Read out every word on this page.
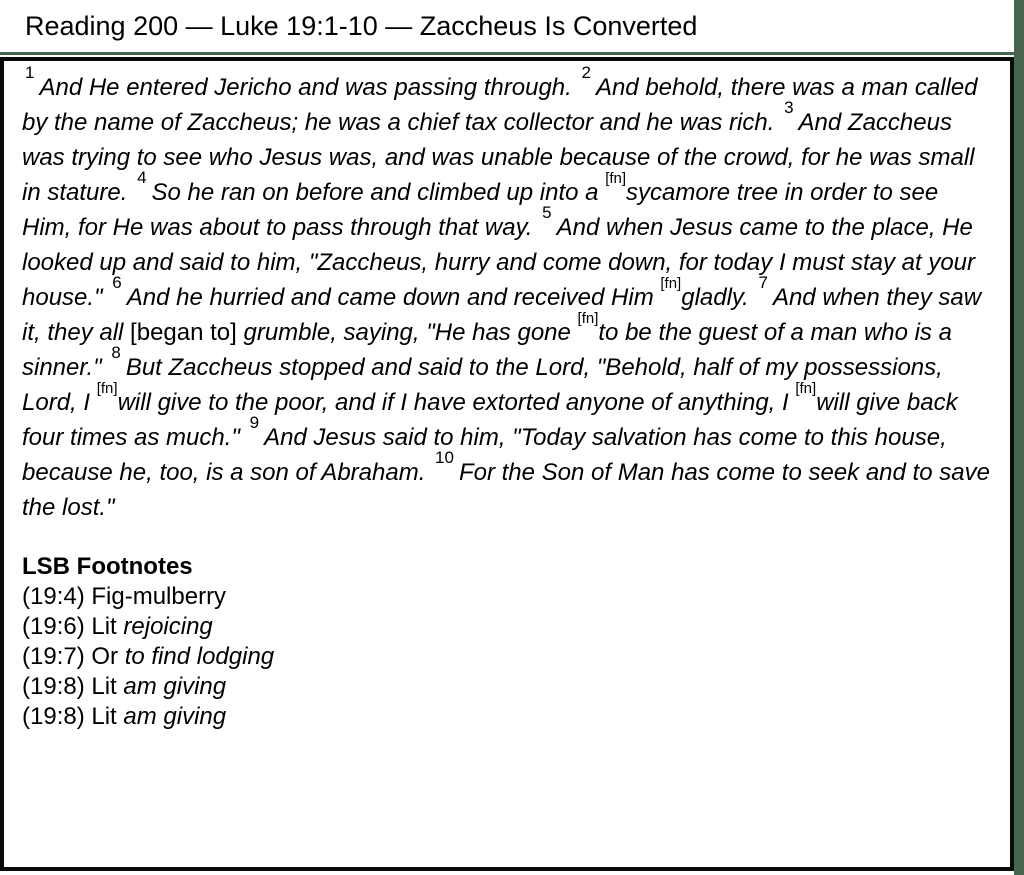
Reading 200 — Luke 19:1-10 — Zaccheus Is Converted
$^1$And He entered Jericho and was passing through. $^2$And behold, there was a man called by the name of Zaccheus; he was a chief tax collector and he was rich. $^3$And Zaccheus was trying to see who Jesus was, and was unable because of the crowd, for he was small in stature. $^4$So he ran on before and climbed up into a [fn]sycamore tree in order to see Him, for He was about to pass through that way. $^5$And when Jesus came to the place, He looked up and said to him, "Zaccheus, hurry and come down, for today I must stay at your house." $^6$And he hurried and came down and received Him [fn]gladly. $^7$And when they saw it, they all [began to] grumble, saying, "He has gone [fn]to be the guest of a man who is a sinner." $^8$But Zaccheus stopped and said to the Lord, "Behold, half of my possessions, Lord, I [fn]will give to the poor, and if I have extorted anyone of anything, I [fn]will give back four times as much." $^9$And Jesus said to him, "Today salvation has come to this house, because he, too, is a son of Abraham. $^{10}$For the Son of Man has come to seek and to save the lost."
LSB Footnotes
(19:4) Fig-mulberry
(19:6) Lit rejoicing
(19:7) Or to find lodging
(19:8) Lit am giving
(19:8) Lit am giving
